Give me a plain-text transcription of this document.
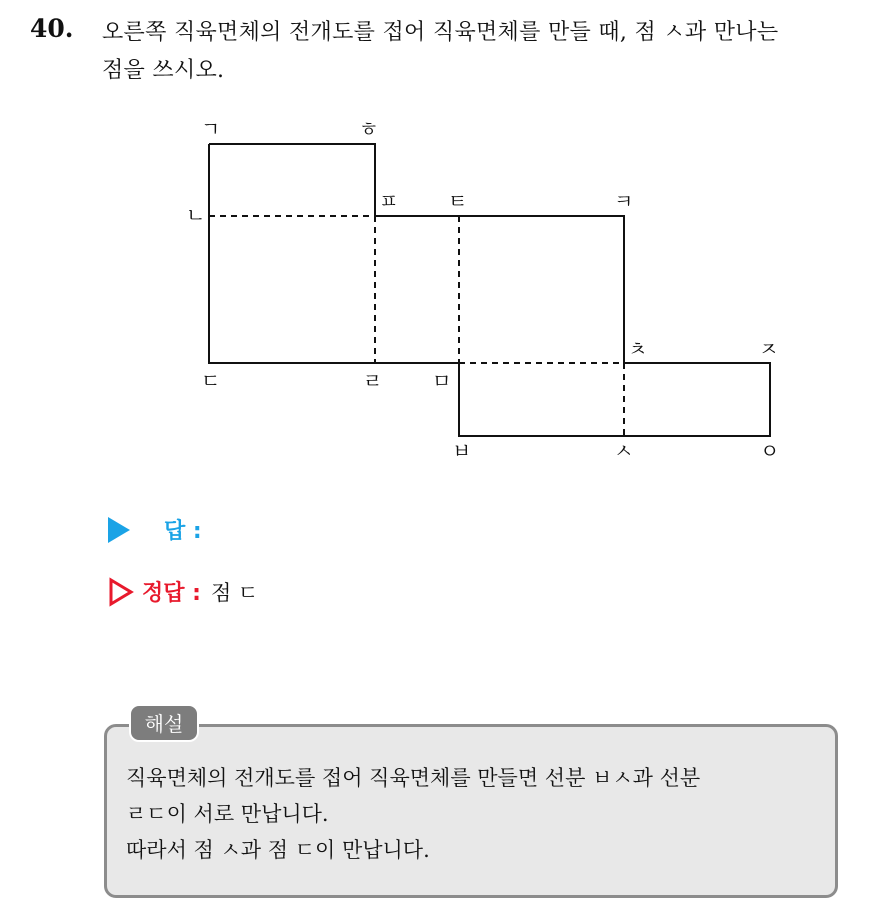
40. 오른쪽 직육면체의 전개도를 접어 직육면체를 만들 때, 점 ㅅ과 만나는
점을 쓰시오.
ㄱ	ㅎ
ㄴ
ㅍ ㅌ	ㅋ
ㄷ	ㄹ ㅁ
ㅊ	ㅈ
ㅂ	ㅅ	ㅇ
답 :
정답 : 점 ㄷ
해설
직육면체의 전개도를 접어 직육면체를 만들면 선분 ㅂㅅ과 선분
ㄹㄷ이 서로 만납니다.
따라서 점 ㅅ과 점 ㄷ이 만납니다.
